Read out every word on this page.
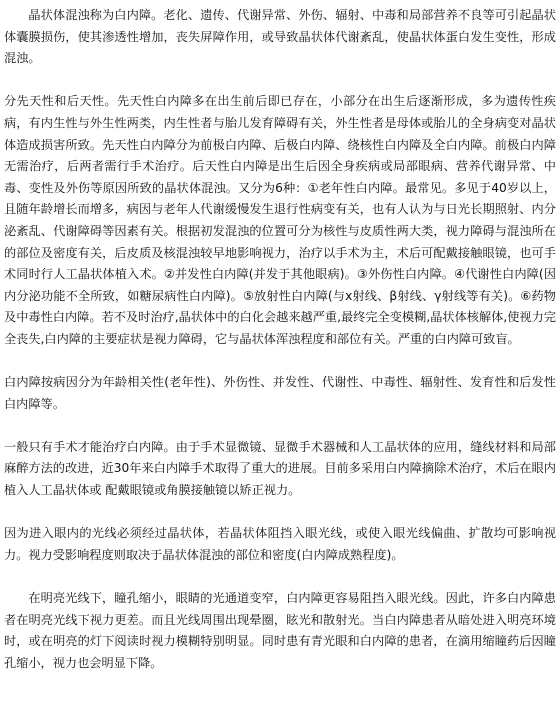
晶状体混浊称为白内障。老化、遗传、代谢异常、外伤、辐射、中毒和局部营养不良等可引起晶状体囊膜损伤，使其渗透性增加，丧失屏障作用，或导致晶状体代谢紊乱，使晶状体蛋白发生变性，形成混浊。

分先天性和后天性。先天性白内障多在出生前后即已存在，小部分在出生后逐渐形成，多为遗传性疾病，有内生性与外生性两类，内生性者与胎儿发育障碍有关，外生性者是母体或胎儿的全身病变对晶状体造成损害所致。先天性白内障分为前极白内障、后极白内障、绕核性白内障及全白内障。前极白内障无需治疗，后两者需行手术治疗。后天性白内障是出生后因全身疾病或局部眼病、营养代谢异常、中毒、变性及外伤等原因所致的晶状体混浊。又分为6种：①老年性白内障。最常见。多见于40岁以上，且随年龄增长而增多，病因与老年人代谢缓慢发生退行性病变有关，也有人认为与日光长期照射、内分泌紊乱、代谢障碍等因素有关。根据初发混浊的位置可分为核性与皮质性两大类，视力障碍与混浊所在的部位及密度有关，后皮质及核混浊较早地影响视力，治疗以手术为主，术后可配戴接触眼镜，也可手术同时行人工晶状体植入术。②并发性白内障(并发于其他眼病)。③外伤性白内障。④代谢性白内障(因内分泌功能不全所致，如糖尿病性白内障)。⑤放射性白内障(与x射线、β射线、γ射线等有关)。⑥药物及中毒性白内障。若不及时治疗,晶状体中的白化会越来越严重,最终完全变模糊,晶状体核解体,使视力完全丧失,白内障的主要症状是视力障碍，它与晶状体浑浊程度和部位有关。严重的白内障可致盲。

白内障按病因分为年龄相关性(老年性)、外伤性、并发性、代谢性、中毒性、辐射性、发育性和后发性白内障等。

一般只有手术才能治疗白内障。由于手术显微镜、显微手术器械和人工晶状体的应用，缝线材料和局部麻醉方法的改进，近30年来白内障手术取得了重大的进展。目前多采用白内障摘除术治疗，术后在眼内植入人工晶状体或 配戴眼镜或角膜接触镜以矫正视力。

因为进入眼内的光线必须经过晶状体，若晶状体阻挡入眼光线，或使入眼光线偏曲、扩散均可影响视力。视力受影响程度则取决于晶状体混浊的部位和密度(白内障成熟程度)。

在明亮光线下，瞳孔缩小，眼睛的光通道变窄，白内障更容易阻挡入眼光线。因此，许多白内障患者在明亮光线下视力更差。而且光线周围出现晕圈，眩光和散射光。当白内障患者从暗处进入明亮环境时，或在明亮的灯下阅读时视力模糊特别明显。同时患有青光眼和白内障的患者，在滴用缩瞳药后因瞳孔缩小，视力也会明显下降。
